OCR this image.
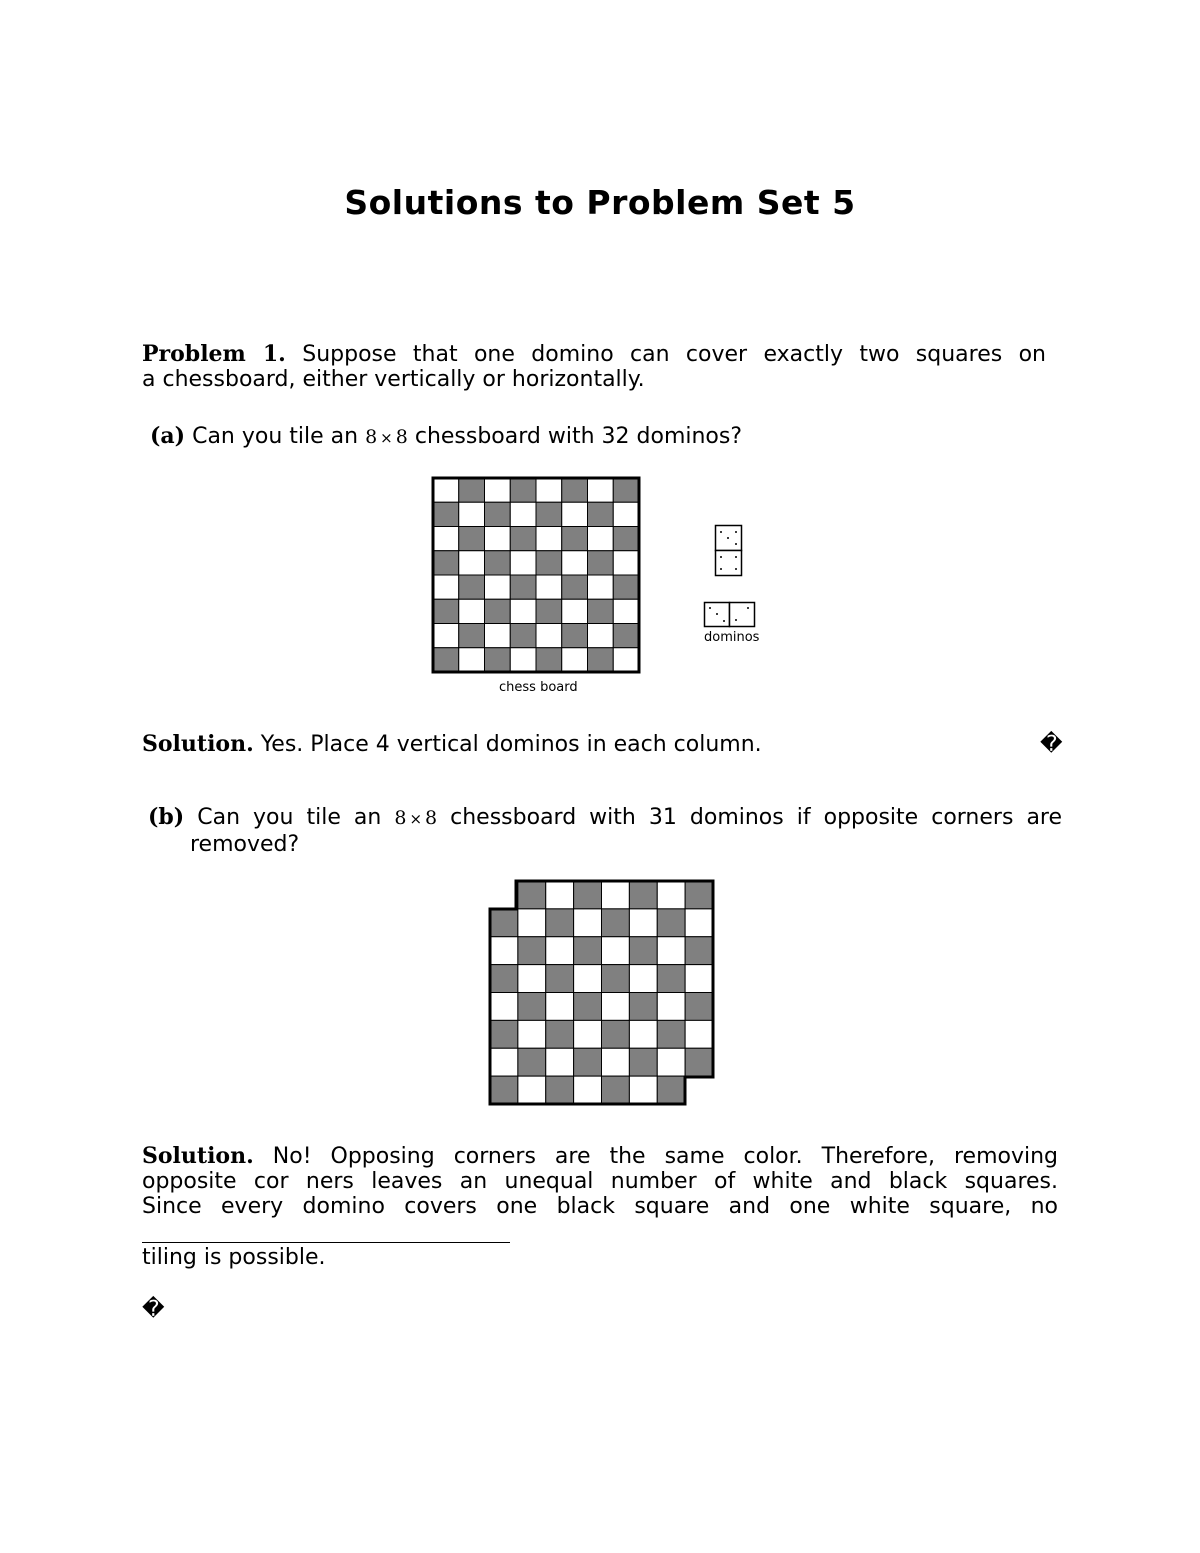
Solutions to Problem Set 5
Problem 1. Suppose that one domino can cover exactly two squares on
a chessboard, either vertically or horizontally.
(a) Can you tile an 8 × 8 chessboard with 32 dominos?
chess board
dominos
Solution. Yes. Place 4 vertical dominos in each column.	�
(b) Can you tile an 8 × 8 chessboard with 31 dominos if opposite corners are
removed?
Solution. No! Opposing corners are the same color. Therefore, removing
opposite cor ners leaves an unequal number of white and black squares.
Since every domino covers one black square and one white square, no
tiling is possible.
�
